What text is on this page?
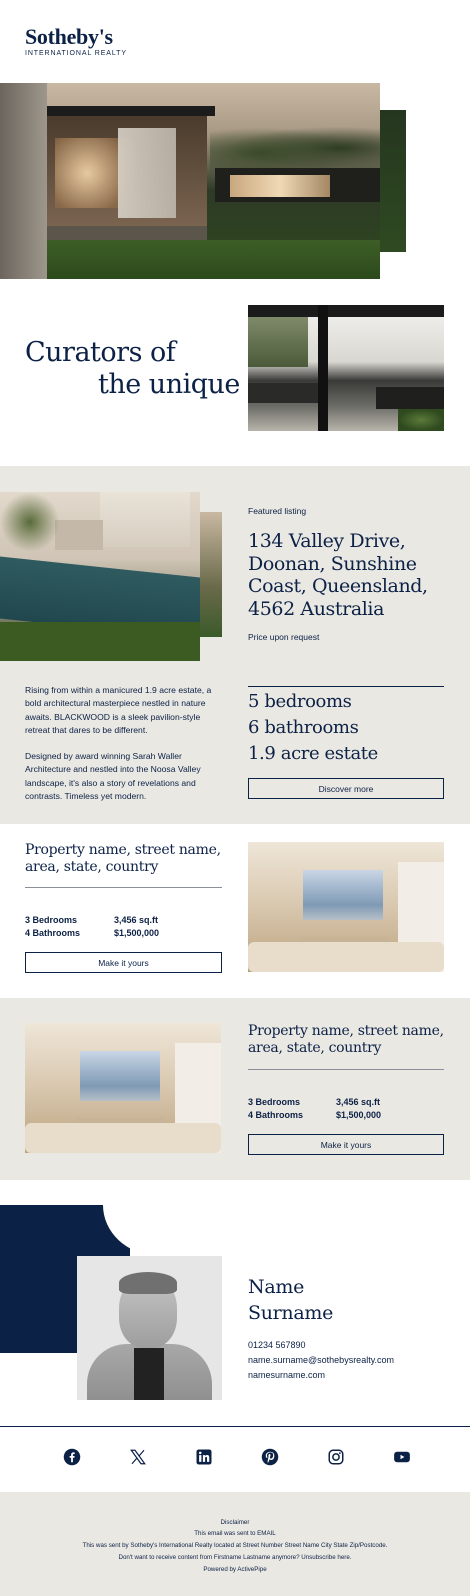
Sotheby's
INTERNATIONAL REALTY
Curators of
the unique
Featured listing
134 Valley Drive, Doonan, Sunshine Coast, Queensland, 4562 Australia
Price upon request

Rising from within a manicured 1.9 acre estate, a bold architectural masterpiece nestled in nature awaits. BLACKWOOD is a sleek pavilion-style retreat that dares to be different.

Designed by award winning Sarah Waller Architecture and nestled into the Noosa Valley landscape, it's also a story of revelations and contrasts. Timeless yet modern.

5 bedrooms
6 bathrooms
1.9 acre estate
Discover more
Property name, street name, area, state, country
3 Bedrooms
4 Bathrooms
3,456 sq.ft
$1,500,000
Make it yours
Property name, street name, area, state, country
3 Bedrooms
4 Bathrooms
3,456 sq.ft
$1,500,000
Make it yours
Name
Surname
01234 567890
name.surname@sothebysrealty.com
namesurname.com
Disclaimer
This email was sent to EMAIL
This was sent by Sotheby's International Realty located at Street Number Street Name City State Zip/Postcode.
Don't want to receive content from Firstname Lastname anymore? Unsubscribe here.
Powered by ActivePipe
